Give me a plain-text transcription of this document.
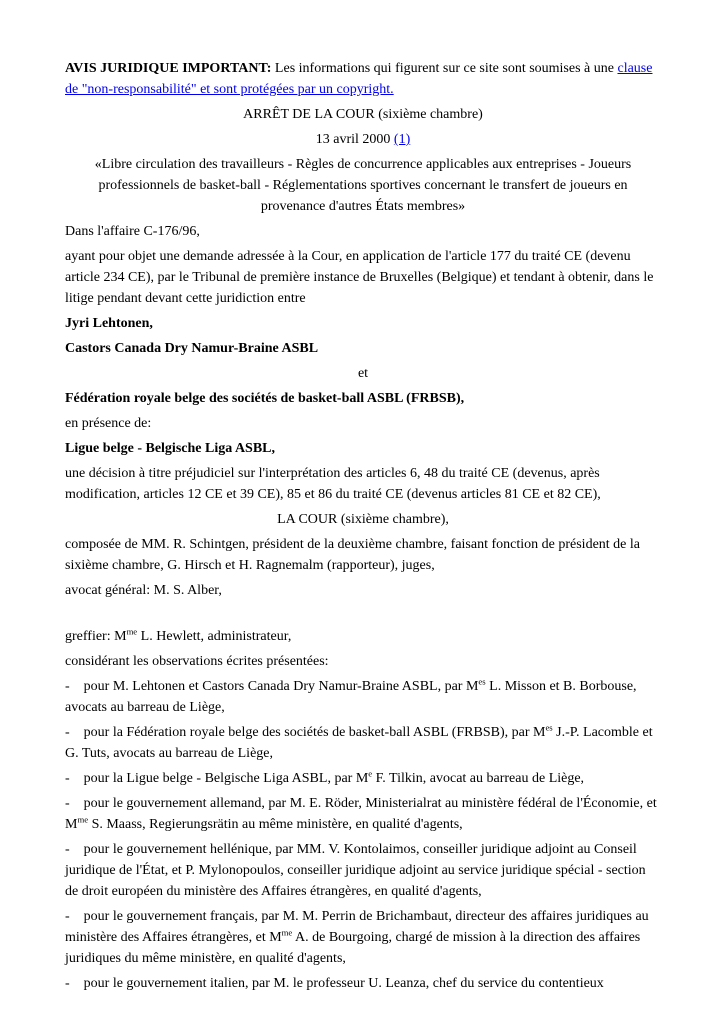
AVIS JURIDIQUE IMPORTANT: Les informations qui figurent sur ce site sont soumises à une clause de "non-responsabilité" et sont protégées par un copyright.

ARRÊT DE LA COUR (sixième chambre)

13 avril 2000 (1)

«Libre circulation des travailleurs - Règles de concurrence applicables aux entreprises - Joueurs professionnels de basket-ball - Réglementations sportives concernant le transfert de joueurs en provenance d'autres États membres»

Dans l'affaire C-176/96,

ayant pour objet une demande adressée à la Cour, en application de l'article 177 du traité CE (devenu article 234 CE), par le Tribunal de première instance de Bruxelles (Belgique) et tendant à obtenir, dans le litige pendant devant cette juridiction entre

Jyri Lehtonen,

Castors Canada Dry Namur-Braine ASBL

et

Fédération royale belge des sociétés de basket-ball ASBL (FRBSB),

en présence de:

Ligue belge - Belgische Liga ASBL,

une décision à titre préjudiciel sur l'interprétation des articles 6, 48 du traité CE (devenus, après modification, articles 12 CE et 39 CE), 85 et 86 du traité CE (devenus articles 81 CE et 82 CE),

LA COUR (sixième chambre),

composée de MM. R. Schintgen, président de la deuxième chambre, faisant fonction de président de la sixième chambre, G. Hirsch et H. Ragnemalm (rapporteur), juges,

avocat général: M. S. Alber,

greffier: $M^{me}$ L. Hewlett, administrateur,

considérant les observations écrites présentées:

-    pour M. Lehtonen et Castors Canada Dry Namur-Braine ASBL, par $M^{es}$ L. Misson et B. Borbouse, avocats au barreau de Liège,

-    pour la Fédération royale belge des sociétés de basket-ball ASBL (FRBSB), par $M^{es}$ J.-P. Lacomble et G. Tuts, avocats au barreau de Liège,

-    pour la Ligue belge - Belgische Liga ASBL, par Me F. Tilkin, avocat au barreau de Liège,

-    pour le gouvernement allemand, par M. E. Röder, Ministerialrat au ministère fédéral de l'Économie, et $M^{me}$ S. Maass, Regierungsrätin au même ministère, en qualité d'agents,

-    pour le gouvernement hellénique, par MM. V. Kontolaimos, conseiller juridique adjoint au Conseil juridique de l'État, et P. Mylonopoulos, conseiller juridique adjoint au service juridique spécial - section de droit européen du ministère des Affaires étrangères, en qualité d'agents,

-    pour le gouvernement français, par M. M. Perrin de Brichambaut, directeur des affaires juridiques au ministère des Affaires étrangères, et $M^{me}$ A. de Bourgoing, chargé de mission à la direction des affaires juridiques du même ministère, en qualité d'agents,

-    pour le gouvernement italien, par M. le professeur U. Leanza, chef du service du contentieux
